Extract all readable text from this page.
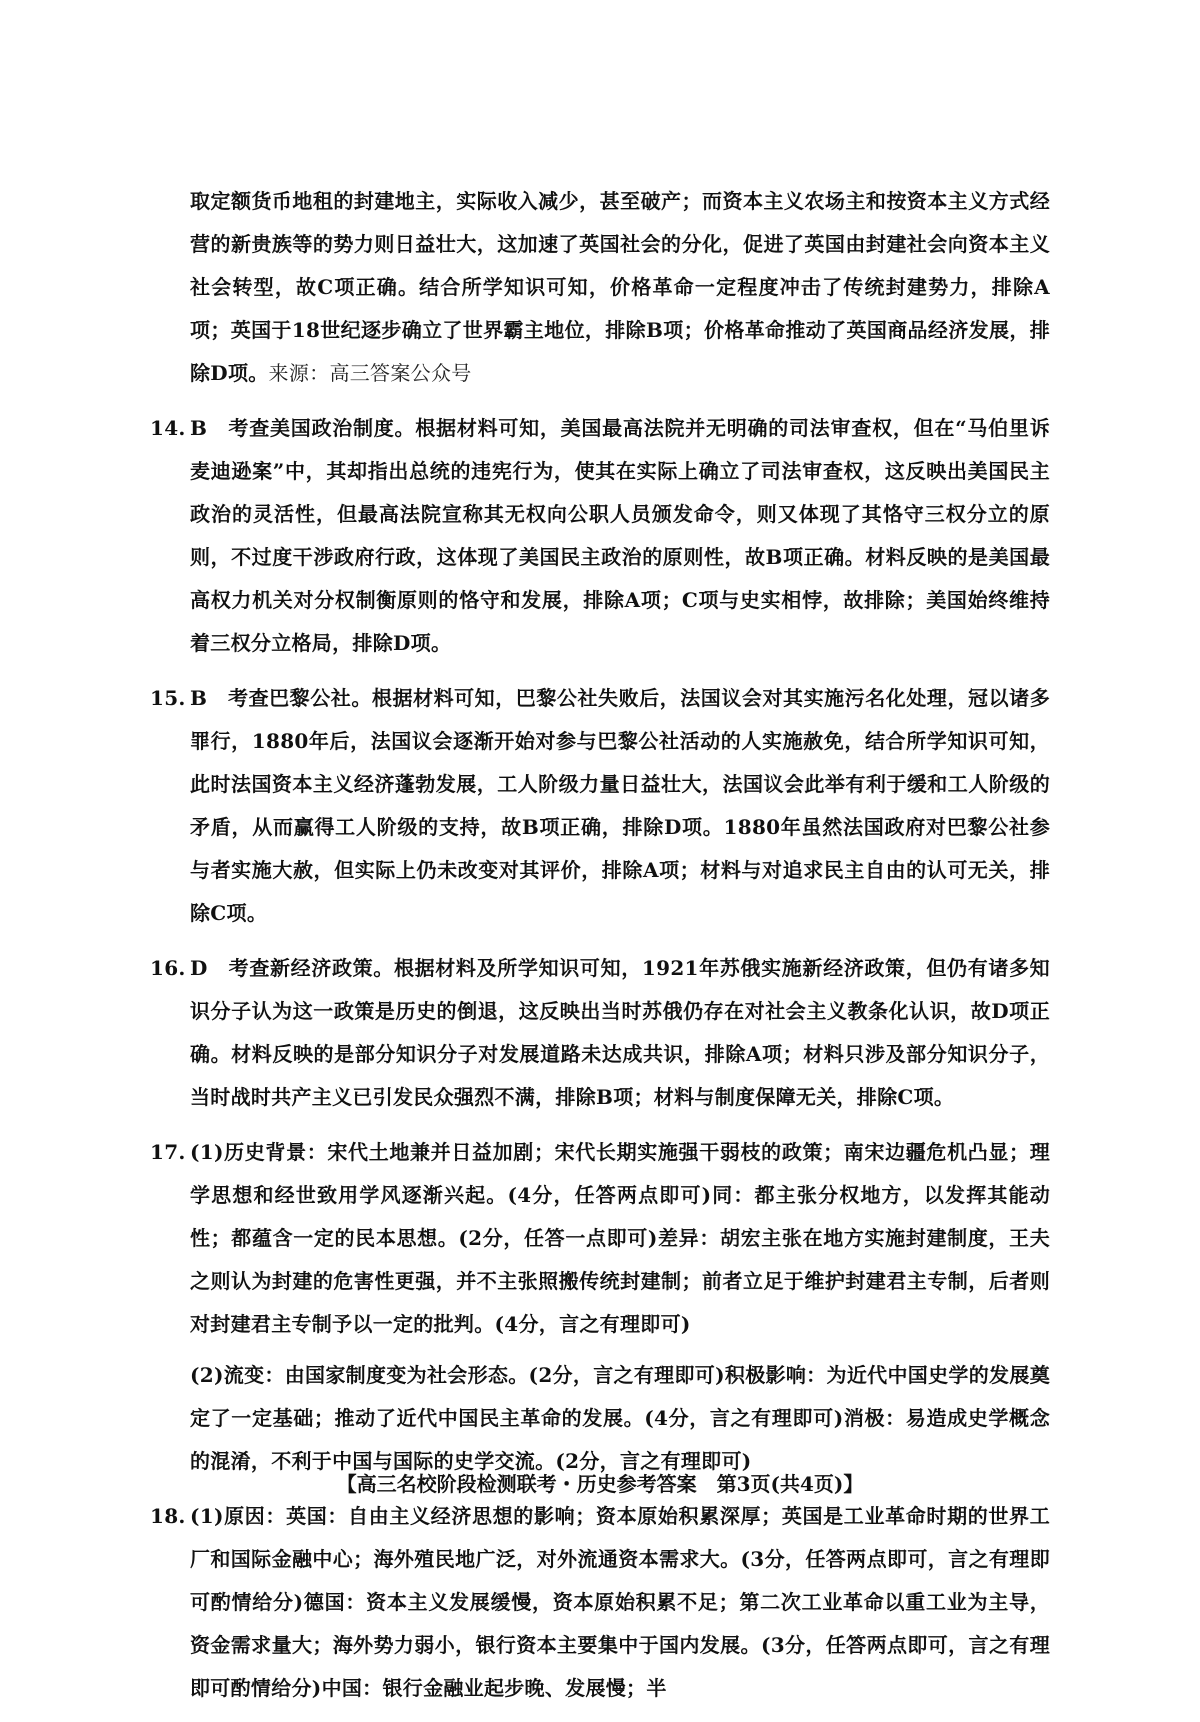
取定额货币地租的封建地主，实际收入减少，甚至破产；而资本主义农场主和按资本主义方式经营的新贵族等的势力则日益壮大，这加速了英国社会的分化，促进了英国由封建社会向资本主义社会转型，故C项正确。结合所学知识可知，价格革命一定程度冲击了传统封建势力，排除A项；英国于18世纪逐步确立了世界霸主地位，排除B项；价格革命推动了英国商品经济发展，排除D项。来源：高三答案公众号

14. B　考查美国政治制度。根据材料可知，美国最高法院并无明确的司法审查权，但在“马伯里诉麦迪逊案”中，其却指出总统的违宪行为，使其在实际上确立了司法审查权，这反映出美国民主政治的灵活性，但最高法院宣称其无权向公职人员颁发命令，则又体现了其恪守三权分立的原则，不过度干涉政府行政，这体现了美国民主政治的原则性，故B项正确。材料反映的是美国最高权力机关对分权制衡原则的恪守和发展，排除A项；C项与史实相悖，故排除；美国始终维持着三权分立格局，排除D项。
15. B　考查巴黎公社。根据材料可知，巴黎公社失败后，法国议会对其实施污名化处理，冠以诸多罪行，1880年后，法国议会逐渐开始对参与巴黎公社活动的人实施赦免，结合所学知识可知，此时法国资本主义经济蓬勃发展，工人阶级力量日益壮大，法国议会此举有利于缓和工人阶级的矛盾，从而赢得工人阶级的支持，故B项正确，排除D项。1880年虽然法国政府对巴黎公社参与者实施大赦，但实际上仍未改变对其评价，排除A项；材料与对追求民主自由的认可无关，排除C项。
16. D　考查新经济政策。根据材料及所学知识可知，1921年苏俄实施新经济政策，但仍有诸多知识分子认为这一政策是历史的倒退，这反映出当时苏俄仍存在对社会主义教条化认识，故D项正确。材料反映的是部分知识分子对发展道路未达成共识，排除A项；材料只涉及部分知识分子，当时战时共产主义已引发民众强烈不满，排除B项；材料与制度保障无关，排除C项。
17. (1)历史背景：宋代土地兼并日益加剧；宋代长期实施强干弱枝的政策；南宋边疆危机凸显；理学思想和经世致用学风逐渐兴起。(4分，任答两点即可)同：都主张分权地方，以发挥其能动性；都蕴含一定的民本思想。(2分，任答一点即可)差异：胡宏主张在地方实施封建制度，王夫之则认为封建的危害性更强，并不主张照搬传统封建制；前者立足于维护封建君主专制，后者则对封建君主专制予以一定的批判。(4分，言之有理即可)
(2)流变：由国家制度变为社会形态。(2分，言之有理即可)积极影响：为近代中国史学的发展奠定了一定基础；推动了近代中国民主革命的发展。(4分，言之有理即可)消极：易造成史学概念的混淆，不利于中国与国际的史学交流。(2分，言之有理即可)
18. (1)原因：英国：自由主义经济思想的影响；资本原始积累深厚；英国是工业革命时期的世界工厂和国际金融中心；海外殖民地广泛，对外流通资本需求大。(3分，任答两点即可，言之有理即可酌情给分)德国：资本主义发展缓慢，资本原始积累不足；第二次工业革命以重工业为主导，资金需求量大；海外势力弱小，银行资本主要集中于国内发展。(3分，任答两点即可，言之有理即可酌情给分)中国：银行金融业起步晚、发展慢；半
【高三名校阶段检测联考・历史参考答案　第3页(共4页)】
